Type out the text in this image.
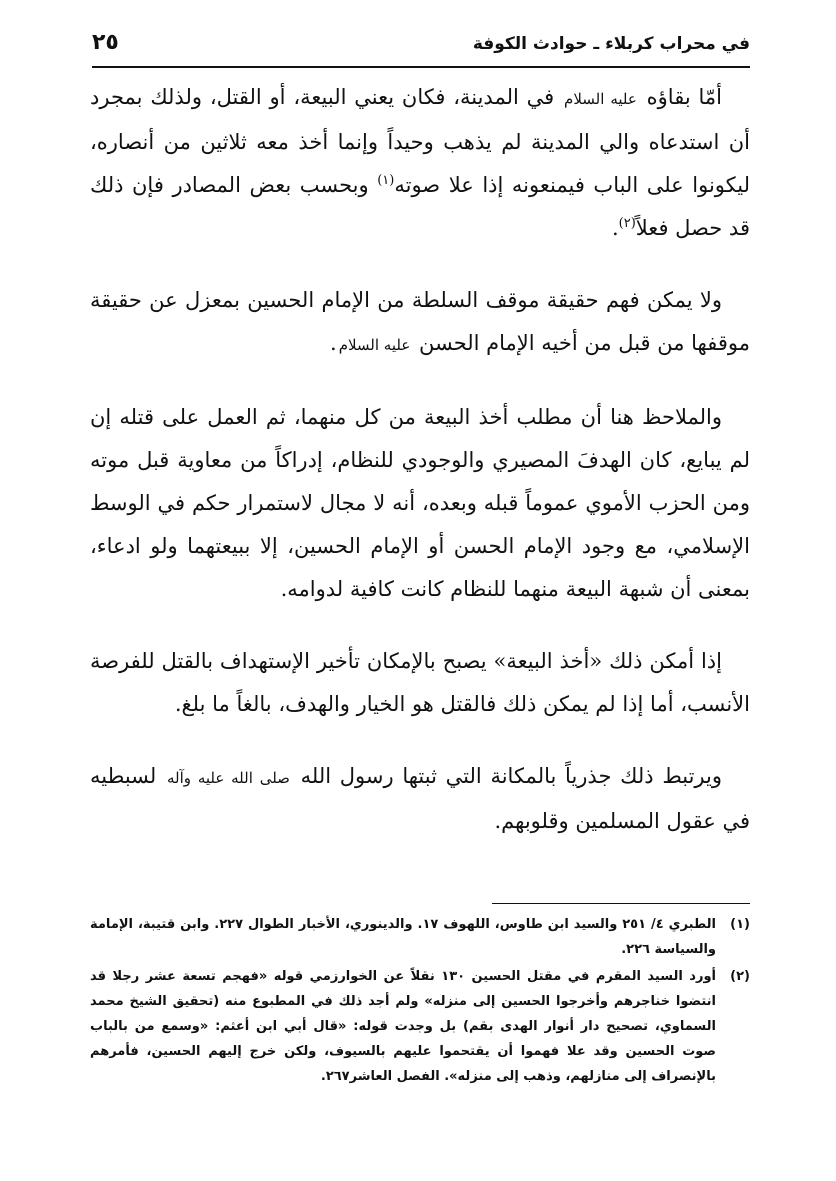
في محراب كربلاء ـ حوادث الكوفة
٢٥

أمّا بقاؤه عليه السلام في المدينة، فكان يعني البيعة، أو القتل، ولذلك بمجرد أن استدعاه والي المدينة لم يذهب وحيداً وإنما أخذ معه ثلاثين من أنصاره، ليكونوا على الباب فيمنعونه إذا علا صوته$^{(١)}$ وبحسب بعض المصادر فإن ذلك قد حصل فعلاً$^{(٢)}$.

ولا يمكن فهم حقيقة موقف السلطة من الإمام الحسين بمعزل عن حقيقة موقفها من قبل من أخيه الإمام الحسن عليه السلام.

والملاحظ هنا أن مطلب أخذ البيعة من كل منهما، ثم العمل على قتله إن لم يبايع، كان الهدفَ المصيري والوجودي للنظام، إدراكاً من معاوية قبل موته ومن الحزب الأموي عموماً قبله وبعده، أنه لا مجال لاستمرار حكم في الوسط الإسلامي، مع وجود الإمام الحسن أو الإمام الحسين، إلا ببيعتهما ولو ادعاء، بمعنى أن شبهة البيعة منهما للنظام كانت كافية لدوامه.

إذا أمكن ذلك «أخذ البيعة» يصبح بالإمكان تأخير الإستهداف بالقتل للفرصة الأنسب، أما إذا لم يمكن ذلك فالقتل هو الخيار والهدف، بالغاً ما بلغ.

ويرتبط ذلك جذرياً بالمكانة التي ثبتها رسول الله صلى الله عليه وآله لسبطيه في عقول المسلمين وقلوبهم.

(١)
الطبري ٤/ ٢٥١ والسيد ابن طاوس، اللهوف ١٧. والدينوري، الأخبار الطوال ٢٢٧. وابن قتيبة، الإمامة والسياسة ٢٢٦.
(٢)
أورد السيد المقرم في مقتل الحسين ١٣٠ نقلاً عن الخوارزمي قوله «فهجم تسعة عشر رجلا قد انتضوا خناجرهم وأخرجوا الحسين إلى منزله» ولم أجد ذلك في المطبوع منه (تحقيق الشيخ محمد السماوي، تصحيح دار أنوار الهدى بقم) بل وجدت قوله: «قال أبي ابن أعثم: «وسمع من بالباب صوت الحسين وقد علا فهموا أن يقتحموا عليهم بالسيوف، ولكن خرج إليهم الحسين، فأمرهم بالإنصراف إلى منازلهم، وذهب إلى منزله». الفصل العاشر٢٦٧.
